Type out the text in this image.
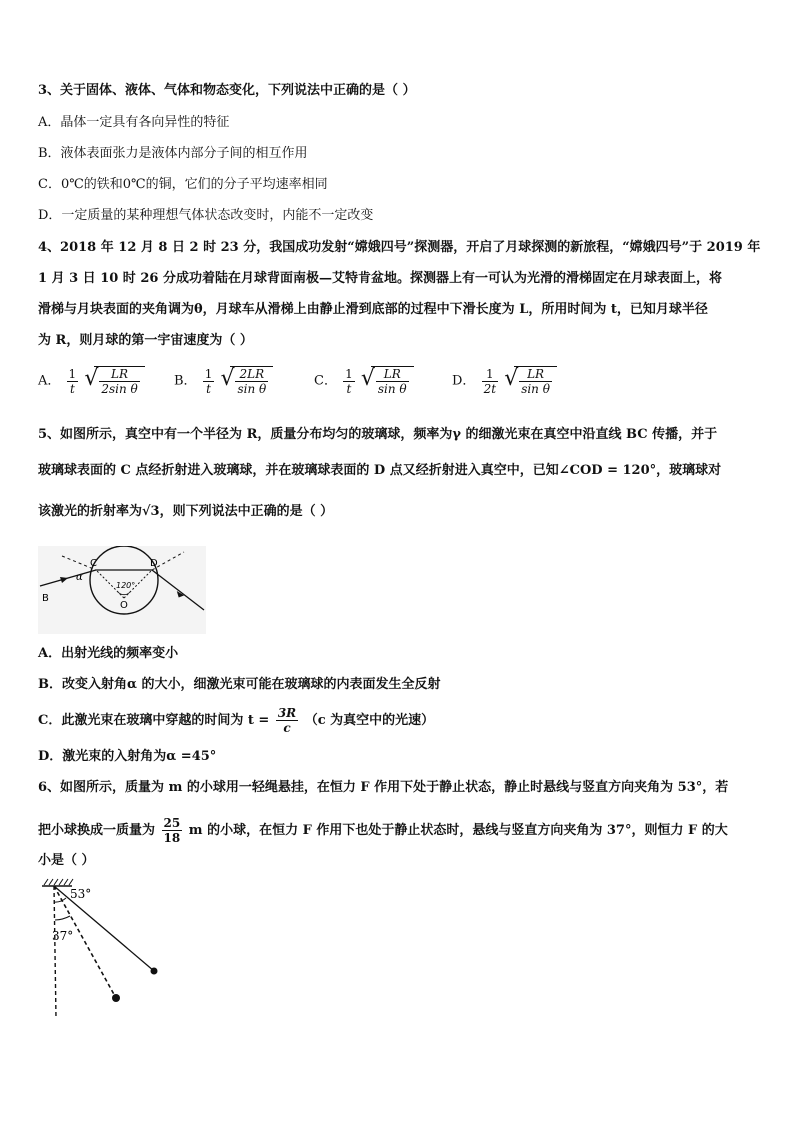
3、关于固体、液体、气体和物态变化，下列说法中正确的是（ ）
A．晶体一定具有各向异性的特征
B．液体表面张力是液体内部分子间的相互作用
C．0℃的铁和0℃的铜，它们的分子平均速率相同
D．一定质量的某种理想气体状态改变时，内能不一定改变
4、2018 年 12 月 8 日 2 时 23 分，我国成功发射“嫦娥四号”探测器，开启了月球探测的新旅程，“嫦娥四号”于 2019 年
1 月 3 日 10 时 26 分成功着陆在月球背面南极—艾特肯盆地。探测器上有一可认为光滑的滑梯固定在月球表面上，将
滑梯与月块表面的夹角调为θ，月球车从滑梯上由静止滑到底部的过程中下滑长度为 L，所用时间为 t，已知月球半径
为 R，则月球的第一宇宙速度为（ ）
A． $\frac{1}{t}$
√ $\frac{LR}{\text{2sin θ}}$	B． $\frac{1}{t}$
√ $\frac{2LR}{\text{sin θ}}$	C． $\frac{1}{t}$
√ $\frac{LR}{\text{sin θ}}$	D． $\frac{1}{2t}$
√ $\frac{LR}{\text{sin θ}}$
5、如图所示，真空中有一个半径为 R，质量分布均匀的玻璃球，频率为γ 的细激光束在真空中沿直线 BC 传播，并于
玻璃球表面的 C 点经折射进入玻璃球，并在玻璃球表面的 D 点又经折射进入真空中，已知∠COD = 120°，玻璃球对
该激光的折射率为√3，则下列说法中正确的是（ ）
α
C	D
120°
O
B
A．出射光线的频率变小
B．改变入射角α 的大小，细激光束可能在玻璃球的内表面发生全反射
C．此激光束在玻璃中穿越的时间为 $t = \frac{3R}{c} (c$ 为真空中的光速）
D．激光束的入射角为α =45°
6、如图所示，质量为 m 的小球用一轻绳悬挂，在恒力 F 作用下处于静止状态，静止时悬线与竖直方向夹角为 53°，若
把小球换成一质量为 $\frac{25}{18}$ m 的小球，在恒力 F 作用下也处于静止状态时，悬线与竖直方向夹角为 37°，则恒力 F 的大
小是（ ）
53°
37°
